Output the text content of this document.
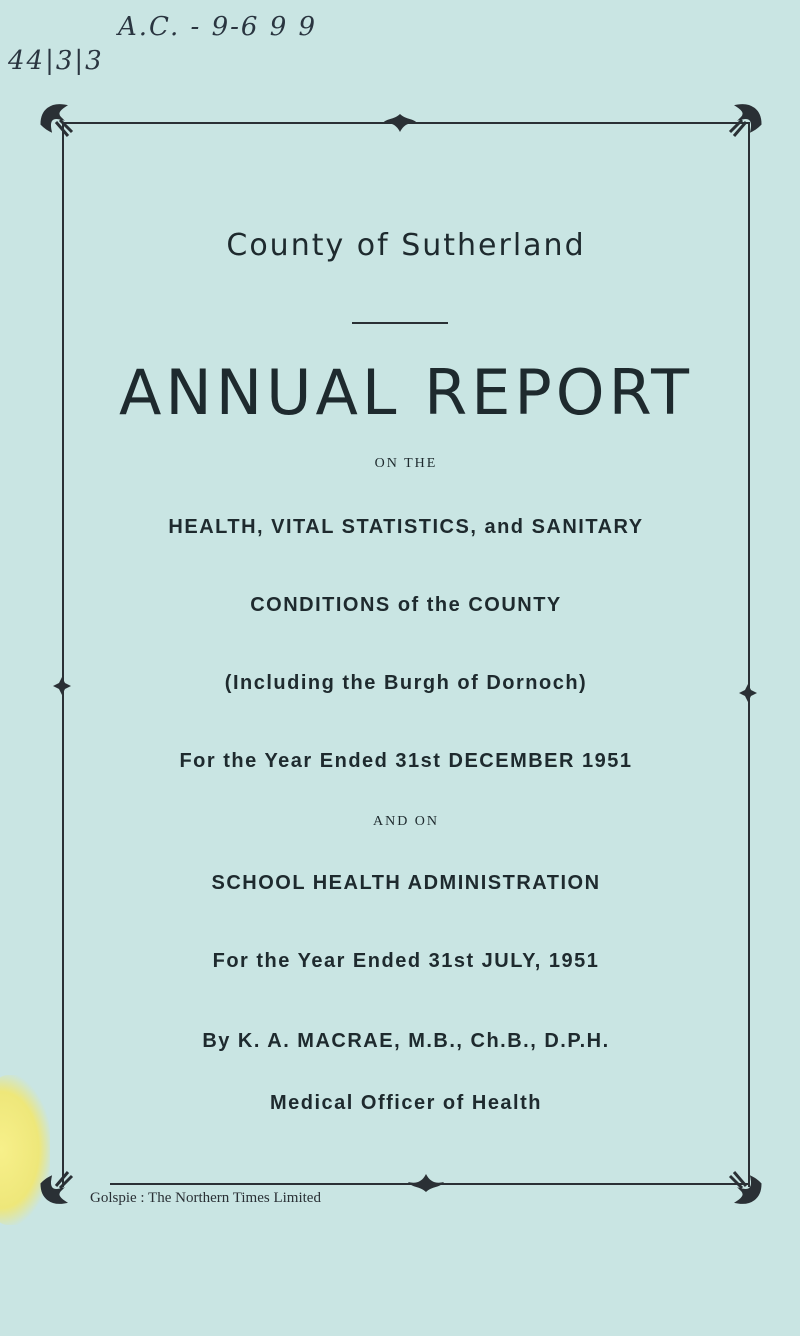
A.C. - 9-6 9 9
44|3|3
County of Sutherland
ANNUAL REPORT
ON THE
HEALTH, VITAL STATISTICS, and SANITARY
CONDITIONS of the COUNTY
(Including the Burgh of Dornoch)
For the Year Ended 31st DECEMBER 1951
AND ON
SCHOOL HEALTH ADMINISTRATION
For the Year Ended 31st JULY, 1951
By K. A. MACRAE, M.B., Ch.B., D.P.H.
Medical Officer of Health
Golspie : The Northern Times Limited
